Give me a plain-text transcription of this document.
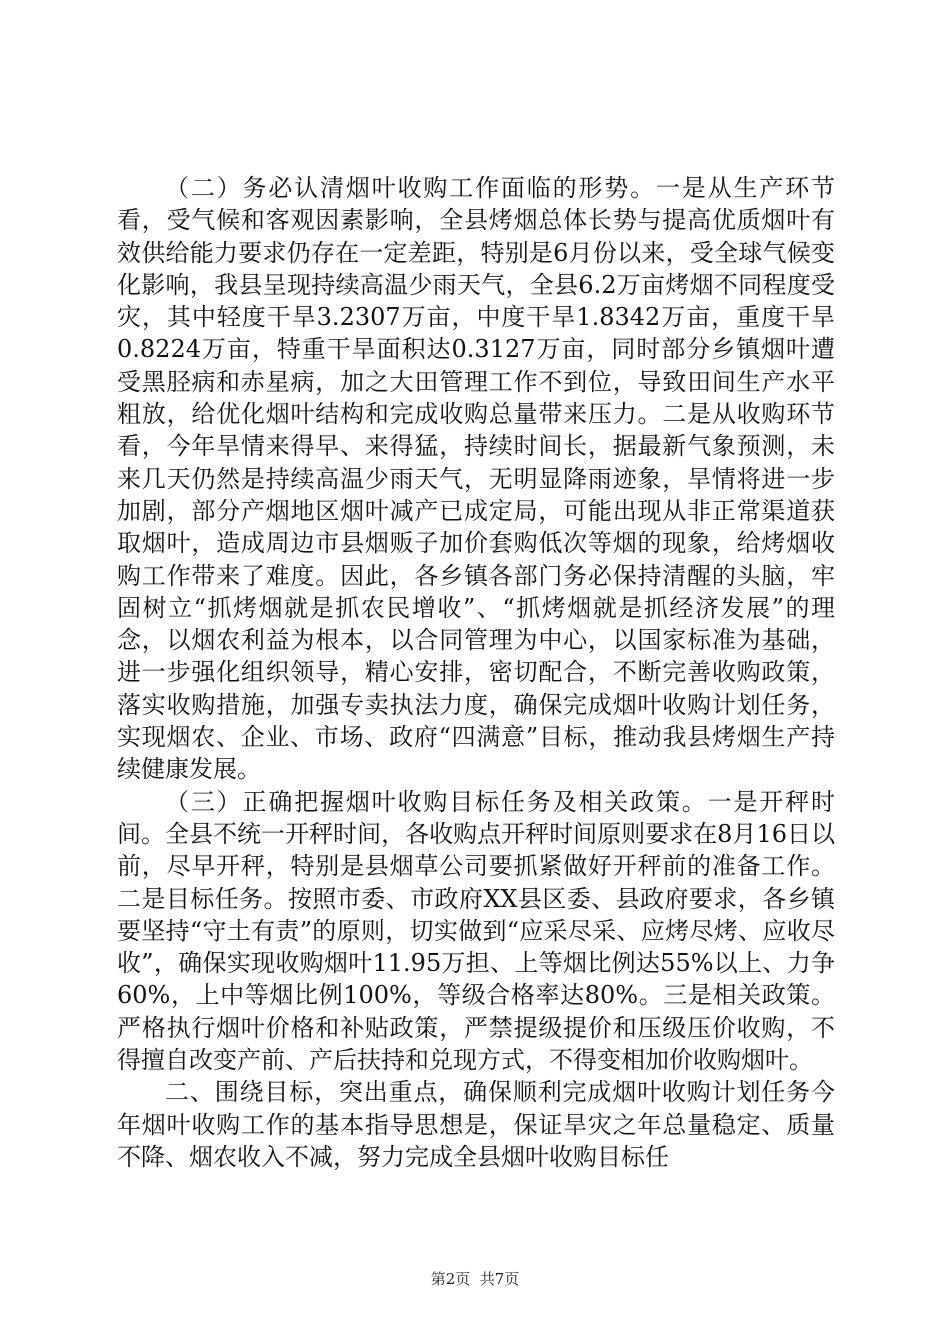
（二）务必认清烟叶收购工作面临的形势。一是从生产环节看，受气候和客观因素影响，全县烤烟总体长势与提高优质烟叶有效供给能力要求仍存在一定差距，特别是6月份以来，受全球气候变化影响，我县呈现持续高温少雨天气，全县6.2万亩烤烟不同程度受灾，其中轻度干旱3.2307万亩，中度干旱1.8342万亩，重度干旱0.8224万亩，特重干旱面积达0.3127万亩，同时部分乡镇烟叶遭受黑胫病和赤星病，加之大田管理工作不到位，导致田间生产水平粗放，给优化烟叶结构和完成收购总量带来压力。二是从收购环节看，今年旱情来得早、来得猛，持续时间长，据最新气象预测，未来几天仍然是持续高温少雨天气，无明显降雨迹象，旱情将进一步加剧，部分产烟地区烟叶减产已成定局，可能出现从非正常渠道获取烟叶，造成周边市县烟贩子加价套购低次等烟的现象，给烤烟收购工作带来了难度。因此，各乡镇各部门务必保持清醒的头脑，牢固树立“抓烤烟就是抓农民增收”、“抓烤烟就是抓经济发展”的理念，以烟农利益为根本，以合同管理为中心，以国家标准为基础，进一步强化组织领导，精心安排，密切配合，不断完善收购政策，落实收购措施，加强专卖执法力度，确保完成烟叶收购计划任务，实现烟农、企业、市场、政府“四满意”目标，推动我县烤烟生产持续健康发展。

（三）正确把握烟叶收购目标任务及相关政策。一是开秤时间。全县不统一开秤时间，各收购点开秤时间原则要求在8月16日以前，尽早开秤，特别是县烟草公司要抓紧做好开秤前的准备工作。二是目标任务。按照市委、市政府XX县区委、县政府要求，各乡镇要坚持“守土有责”的原则，切实做到“应采尽采、应烤尽烤、应收尽收”，确保实现收购烟叶11.95万担、上等烟比例达55%以上、力争60%，上中等烟比例100%，等级合格率达80%。三是相关政策。严格执行烟叶价格和补贴政策，严禁提级提价和压级压价收购，不得擅自改变产前、产后扶持和兑现方式，不得变相加价收购烟叶。

二、围绕目标，突出重点，确保顺利完成烟叶收购计划任务今年烟叶收购工作的基本指导思想是，保证旱灾之年总量稳定、质量不降、烟农收入不减，努力完成全县烟叶收购目标任

第2页  共7页
